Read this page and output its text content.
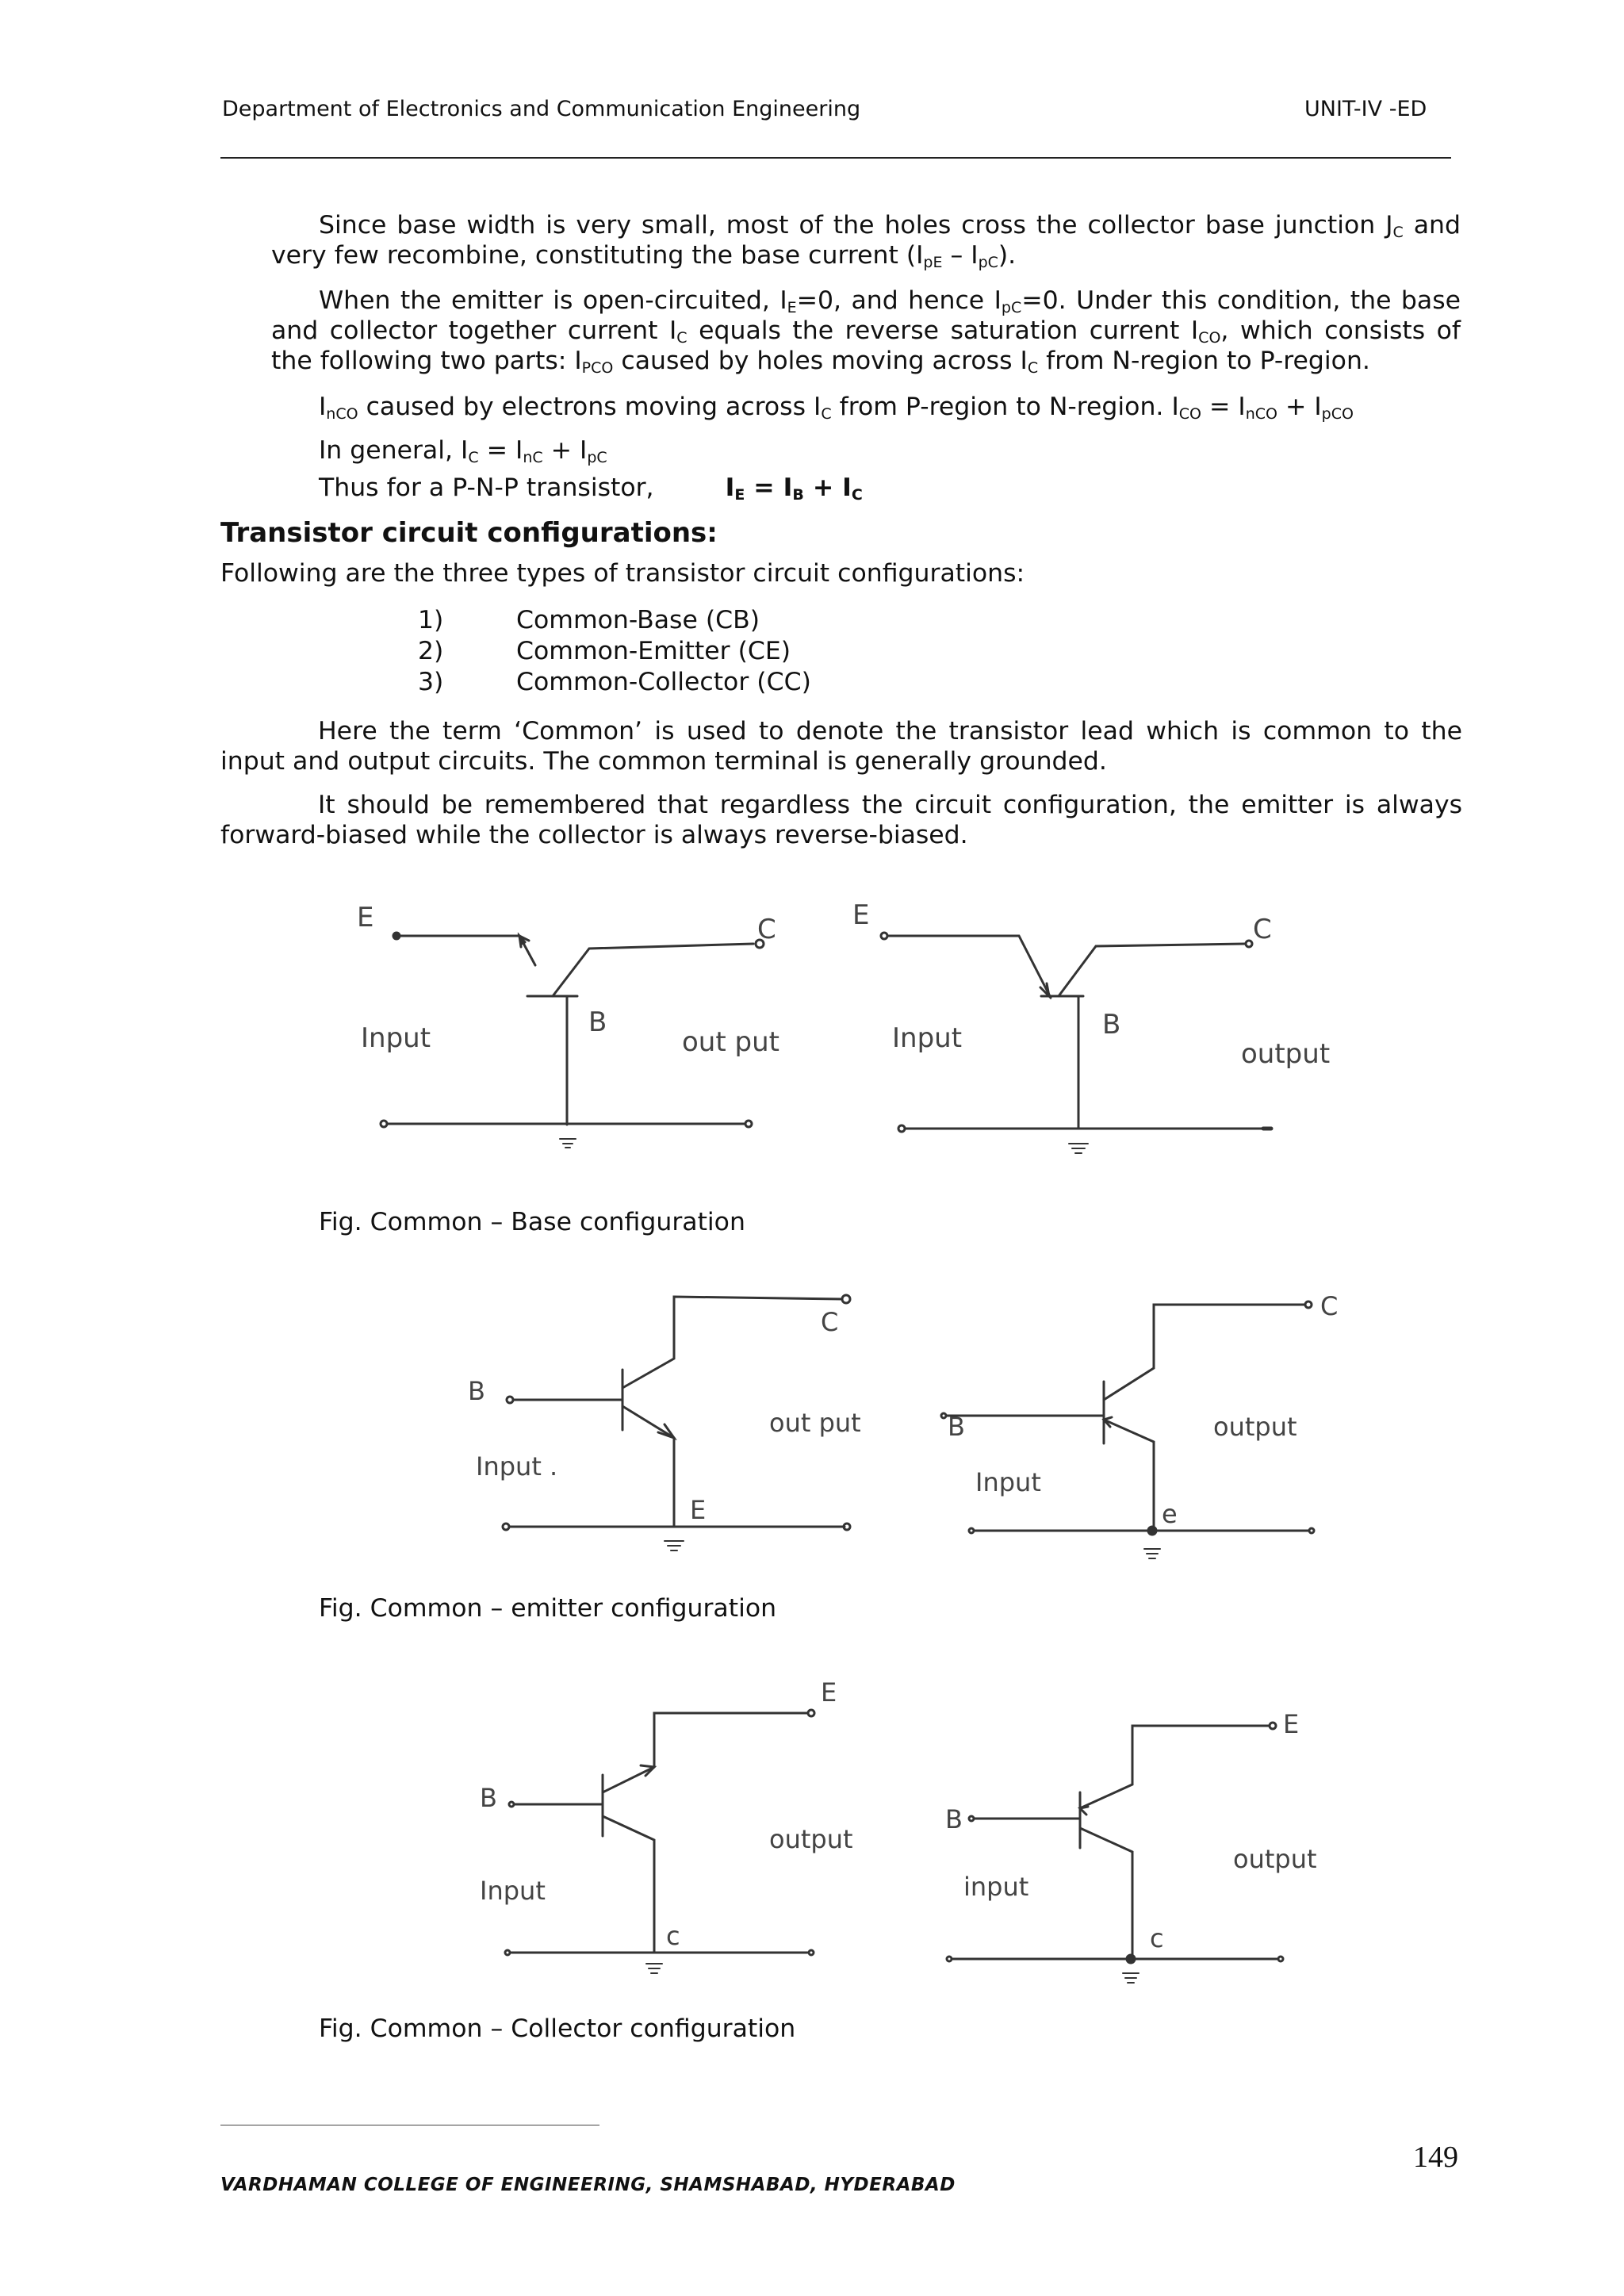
Department of Electronics and Communication Engineering	UNIT-IV -ED
Since base width is very small, most of the holes cross the collector base junction $J_C$ and very few recombine, constituting the base current $(I_{pE} - I_{pC})$.
When the emitter is open-circuited, $I_E=0$, and hence $I_{pC}=0$. Under this condition, the base and collector together current $I_C$ equals the reverse saturation current $I_{CO}$, which consists of the following two parts: $I_{PCO}$ caused by holes moving across $I_C$ from N-region to P-region.
$I_{nCO}$ caused by electrons moving across $I_C$ from P-region to N-region. $I_{CO} = I_{nCO} + I_{pCO}$
In general, $I_C = I_{nC} + I_{pC}$
Thus for a P-N-P transistor,	$I_E = I_B + I_C$
Transistor circuit configurations:
Following are the three types of transistor circuit configurations:
1)	Common-Base (CB)
2)	Common-Emitter (CE)
3)	Common-Collector (CC)
Here the term ‘Common’ is used to denote the transistor lead which is common to the input and output circuits. The common terminal is generally grounded.
It should be remembered that regardless the circuit configuration, the emitter is always forward-biased while the collector is always reverse-biased.
E	C
B
Input	out put
E	C
B
Input	output
Fig. Common – Base configuration
B
C
E
Input .
out put	B
C
e
Input
output
Fig. Common – emitter configuration
B
E
c
Input
output
B
E
c
input
output
Fig. Common – Collector configuration
149
VARDHAMAN COLLEGE OF ENGINEERING, SHAMSHABAD, HYDERABAD
